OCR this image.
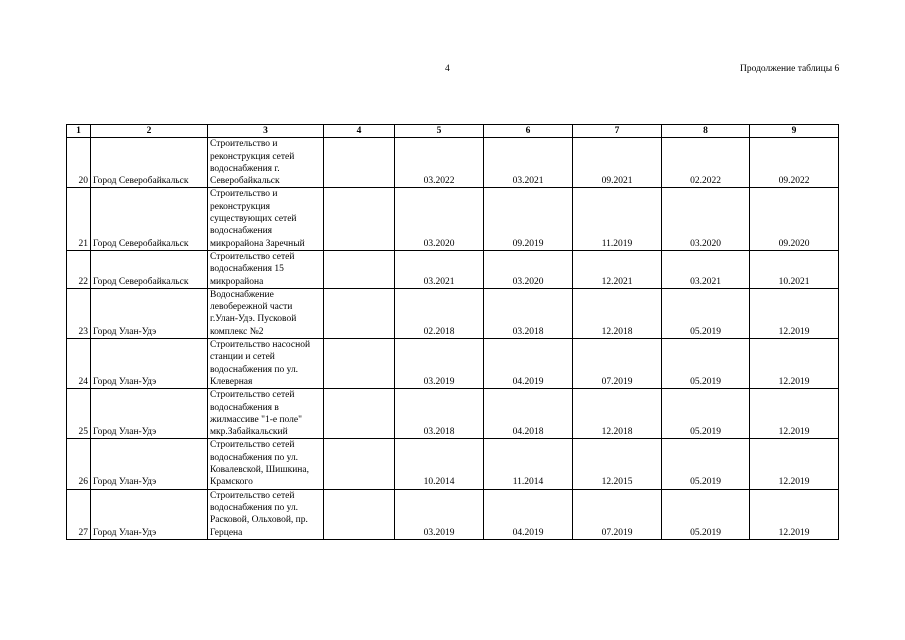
4	Продолжение таблицы 6
1	2	3	4	5	6	7	8	9
20	Город Северобайкальск	Строительство и реконструкция сетей водоснабжения г. Северобайкальск		03.2022	03.2021	09.2021	02.2022	09.2022
21	Город Северобайкальск	Строительство и реконструкция существующих сетей водоснабжения микрорайона Заречный		03.2020	09.2019	11.2019	03.2020	09.2020
22	Город Северобайкальск	Строительство сетей водоснабжения 15 микрорайона		03.2021	03.2020	12.2021	03.2021	10.2021
23	Город Улан-Удэ	Водоснабжение левобережной части г.Улан-Удэ. Пусковой комплекс №2		02.2018	03.2018	12.2018	05.2019	12.2019
24	Город Улан-Удэ	Строительство насосной станции и сетей водоснабжения по ул. Клеверная		03.2019	04.2019	07.2019	05.2019	12.2019
25	Город Улан-Удэ	Строительство сетей водоснабжения в жилмассиве "1-е поле" мкр.Забайкальский		03.2018	04.2018	12.2018	05.2019	12.2019
26	Город Улан-Удэ	Строительство сетей водоснабжения по ул. Ковалевской, Шишкина, Крамского		10.2014	11.2014	12.2015	05.2019	12.2019
27	Город Улан-Удэ	Строительство сетей водоснабжения по ул. Расковой, Ольховой, пр. Герцена		03.2019	04.2019	07.2019	05.2019	12.2019
